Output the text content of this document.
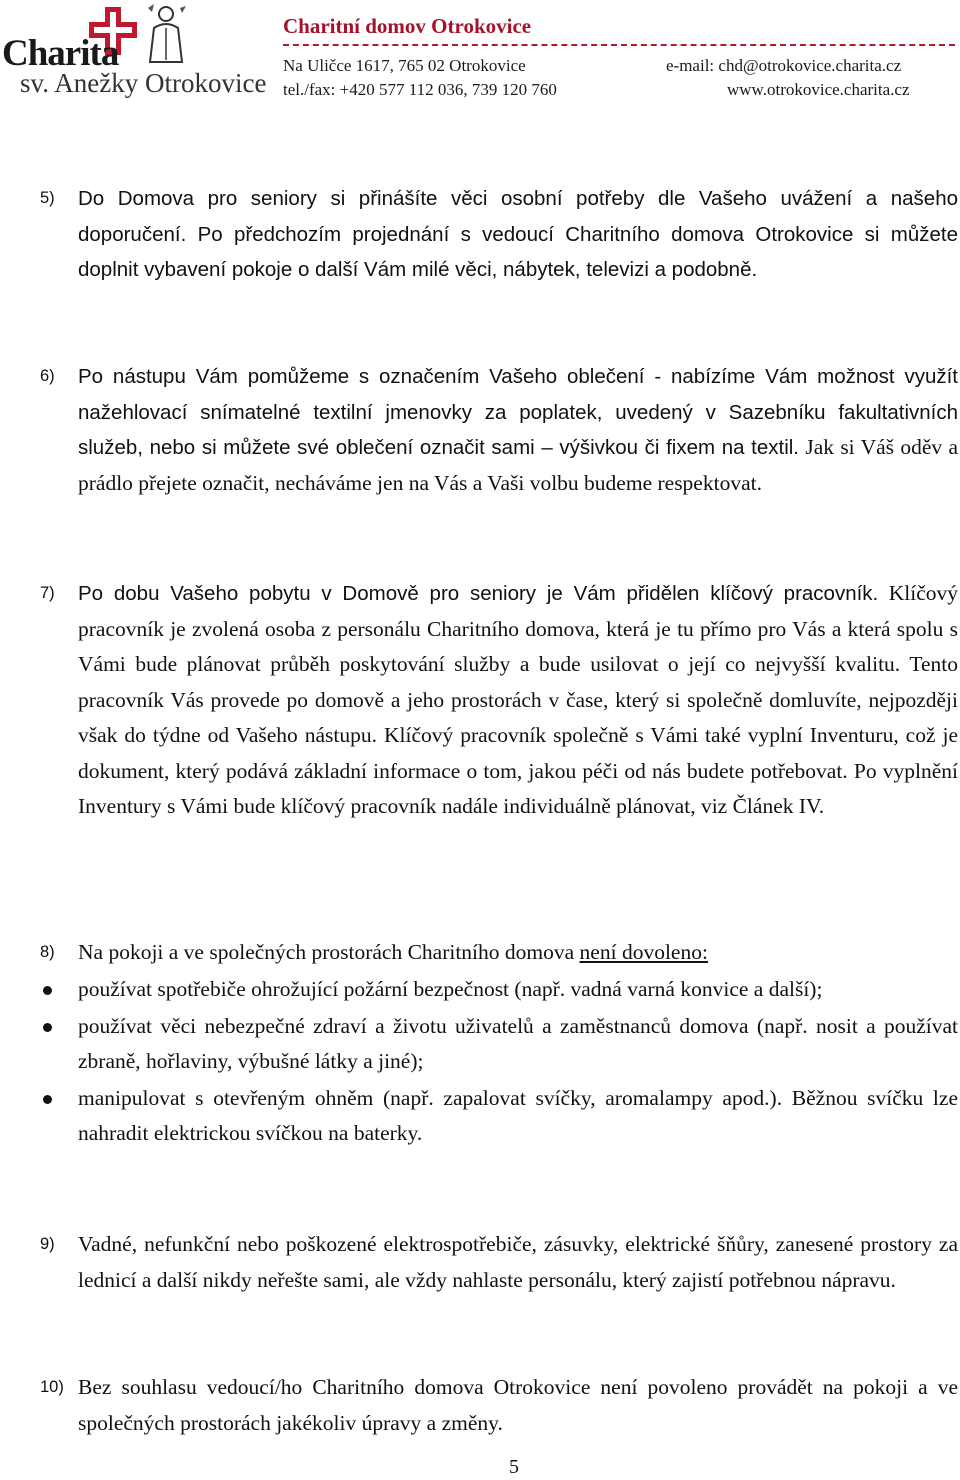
Charita
sv. Anežky Otrokovice
Charitní domov Otrokovice
Na Uličce 1617, 765 02 Otrokovice
tel./fax: +420 577 112 036, 739 120 760
e-mail: chd@otrokovice.charita.cz
www.otrokovice.charita.cz
5) Do Domova pro seniory si přinášíte věci osobní potřeby dle Vašeho uvážení a našeho doporučení. Po předchozím projednání s vedoucí Charitního domova Otrokovice si můžete doplnit vybavení pokoje o další Vám milé věci, nábytek, televizi a podobně.
6) Po nástupu Vám pomůžeme s označením Vašeho oblečení - nabízíme Vám možnost využít nažehlovací snímatelné textilní jmenovky za poplatek, uvedený v Sazebníku fakultativních služeb, nebo si můžete své oblečení označit sami – výšivkou či fixem na textil. Jak si Váš oděv a prádlo přejete označit, necháváme jen na Vás a Vaši volbu budeme respektovat.
7) Po dobu Vašeho pobytu v Domově pro seniory je Vám přidělen klíčový pracovník. Klíčový pracovník je zvolená osoba z personálu Charitního domova, která je tu přímo pro Vás a která spolu s Vámi bude plánovat průběh poskytování služby a bude usilovat o její co nejvyšší kvalitu. Tento pracovník Vás provede po domově a jeho prostorách v čase, který si společně domluvíte, nejpozději však do týdne od Vašeho nástupu. Klíčový pracovník společně s Vámi také vyplní Inventuru, což je dokument, který podává základní informace o tom, jakou péči od nás budete potřebovat. Po vyplnění Inventury s Vámi bude klíčový pracovník nadále individuálně plánovat, viz Článek IV.
8) Na pokoji a ve společných prostorách Charitního domova není dovoleno:
používat spotřebiče ohrožující požární bezpečnost (např. vadná varná konvice a další);
používat věci nebezpečné zdraví a životu uživatelů a zaměstnanců domova (např. nosit a používat zbraně, hořlaviny, výbušné látky a jiné);
manipulovat s otevřeným ohněm (např. zapalovat svíčky, aromalampy apod.). Běžnou svíčku lze nahradit elektrickou svíčkou na baterky.
9) Vadné, nefunkční nebo poškozené elektrospotřebiče, zásuvky, elektrické šňůry, zanesené prostory za lednicí a další nikdy neřešte sami, ale vždy nahlaste personálu, který zajistí potřebnou nápravu.
10) Bez souhlasu vedoucí/ho Charitního domova Otrokovice není povoleno provádět na pokoji a ve společných prostorách jakékoliv úpravy a změny.
5
